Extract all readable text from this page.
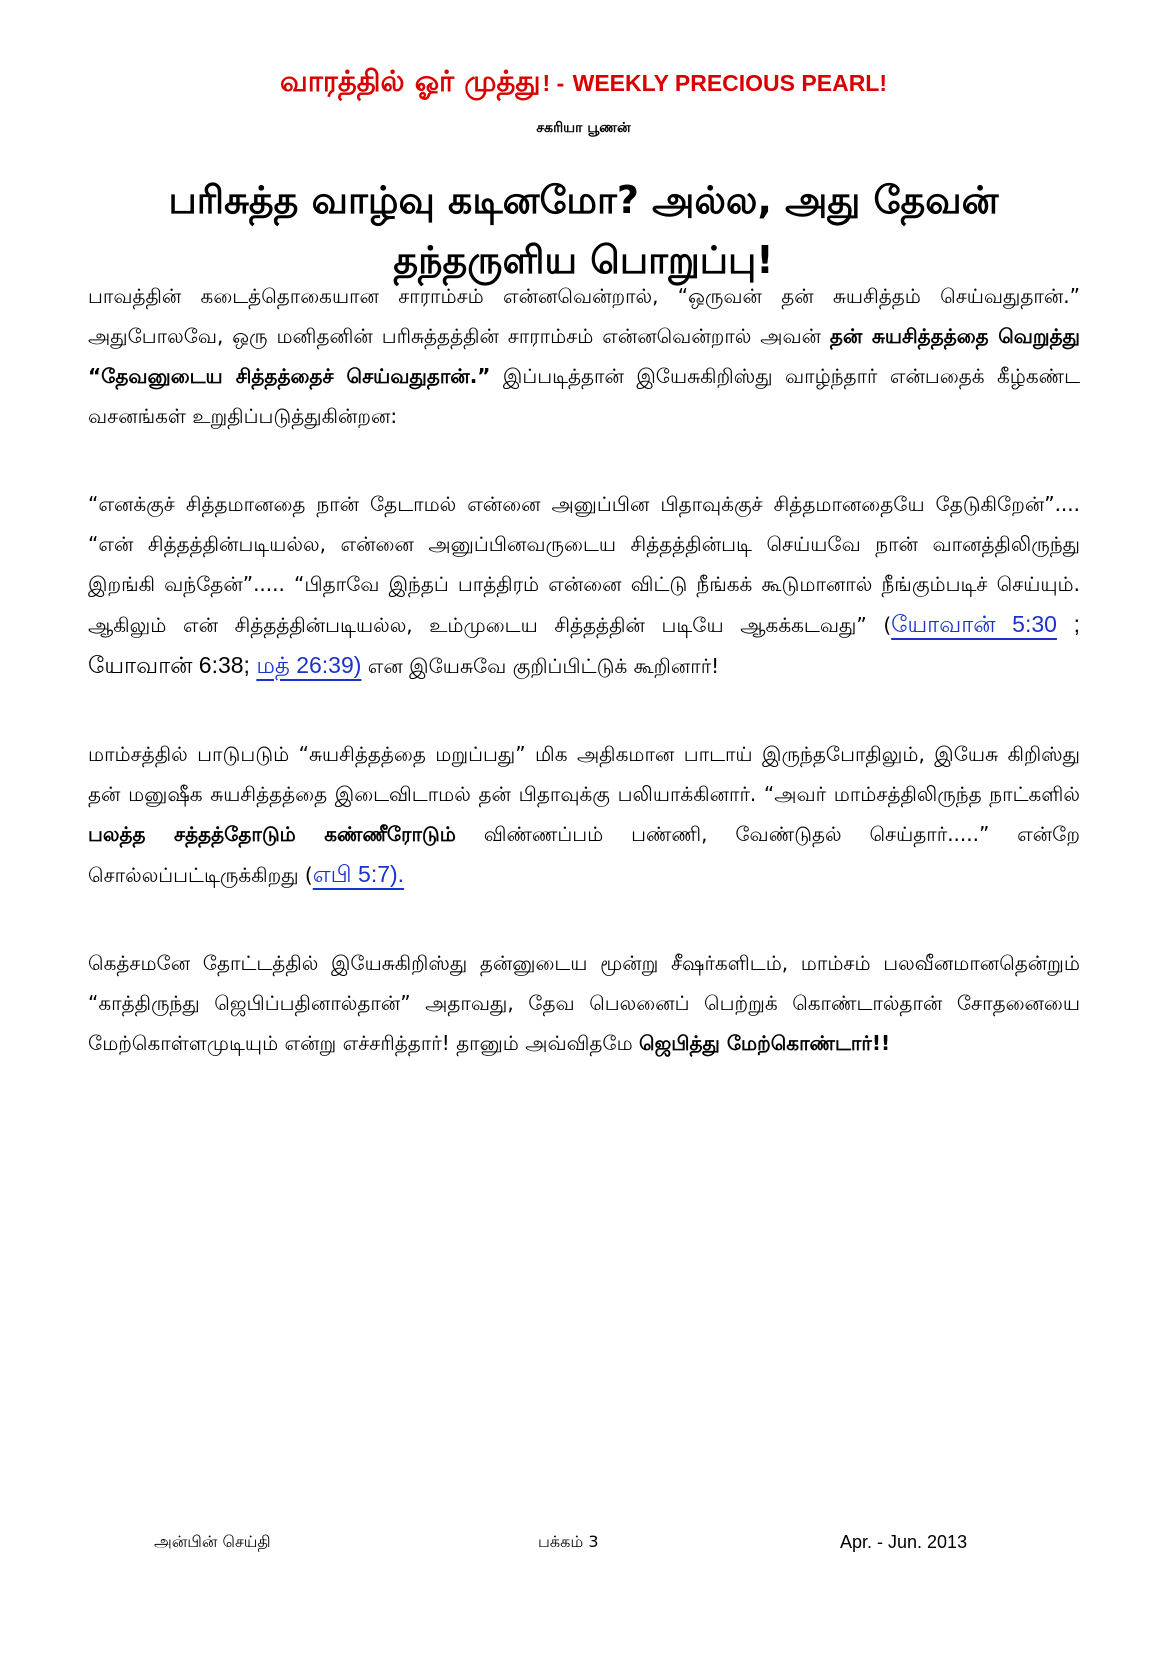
வாரத்தில் ஓர் முத்து! - WEEKLY PRECIOUS PEARL!
சகரியா பூணன்
பரிசுத்த வாழ்வு கடினமோ? அல்ல, அது தேவன்
தந்தருளிய பொறுப்பு!

பாவத்தின் கடைத்தொகையான சாராம்சம் என்னவென்றால், “ஒருவன் தன் சுயசித்தம் செய்வதுதான்.” அதுபோலவே, ஒரு மனிதனின் பரிசுத்தத்தின் சாராம்சம் என்னவென்றால் அவன் தன் சுயசித்தத்தை வெறுத்து “தேவனுடைய சித்தத்தைச் செய்வதுதான்.” இப்படித்தான் இயேசுகிறிஸ்து வாழ்ந்தார் என்பதைக் கீழ்கண்ட வசனங்கள் உறுதிப்படுத்துகின்றன:

“எனக்குச் சித்தமானதை நான் தேடாமல் என்னை அனுப்பின பிதாவுக்குச் சித்தமானதையே தேடுகிறேன்”.... “என் சித்தத்தின்படியல்ல, என்னை அனுப்பினவருடைய சித்தத்தின்படி செய்யவே நான் வானத்திலிருந்து இறங்கி வந்தேன்”..... “பிதாவே இந்தப் பாத்திரம் என்னை விட்டு நீங்கக் கூடுமானால் நீங்கும்படிச் செய்யும். ஆகிலும் என் சித்தத்தின்படியல்ல, உம்முடைய சித்தத்தின் படியே ஆகக்கடவது” (யோவான் 5:30 ; யோவான் 6:38; மத் 26:39) என இயேசுவே குறிப்பிட்டுக் கூறினார்!

மாம்சத்தில் பாடுபடும் “சுயசித்தத்தை மறுப்பது” மிக அதிகமான பாடாய் இருந்தபோதிலும், இயேசு கிறிஸ்து தன் மனுஷீக சுயசித்தத்தை இடைவிடாமல் தன் பிதாவுக்கு பலியாக்கினார். “அவர் மாம்சத்திலிருந்த நாட்களில் பலத்த சத்தத்தோடும் கண்ணீரோடும் விண்ணப்பம் பண்ணி, வேண்டுதல் செய்தார்.....” என்றே சொல்லப்பட்டிருக்கிறது (எபி 5:7).

கெத்சமனே தோட்டத்தில் இயேசுகிறிஸ்து தன்னுடைய மூன்று சீஷர்களிடம், மாம்சம் பலவீனமானதென்றும் “காத்திருந்து ஜெபிப்பதினால்தான்” அதாவது, தேவ பெலனைப் பெற்றுக் கொண்டால்தான் சோதனையை மேற்கொள்ளமுடியும் என்று எச்சரித்தார்! தானும் அவ்விதமே ஜெபித்து மேற்கொண்டார்!!

அன்பின் செய்தி	பக்கம் 3	Apr. - Jun. 2013
